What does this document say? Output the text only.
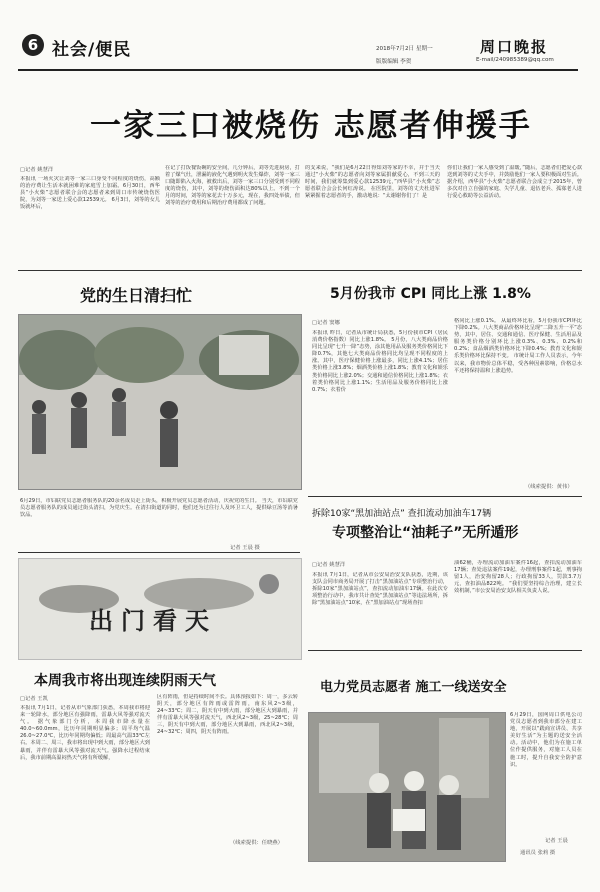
6 社会/便民	2018年7月2日 星期一	周口晚报
版版编辑 李贺	E-mail/240985389@qq.com
一家三口被烧伤 志愿者伸援手
□记者 姚慧洋
本报讯 一场火灾让刘等一家三口身受不同程度的烧伤，高额的治疗费让生活本就困难的家庭雪上加霜。6月30日，西华县“小火柴”志愿者联合会的志愿者来到周口市传统烧伤医院，为刘等一家送上爱心款12539元。 6月3日，刘等的女儿饭就坏后，
在记了打饭餐饭碗的安全间，几分钟后，刘等先进厨房，打着了煤气灶，泄漏的液化气遇到明火发生爆炸，刘等一家三口随即陷入火海，被救出后，刘等一家三口分别受到不同程度的烧伤，其中，刘等的烧伤面积达80%以上。不到一个月的时间，刘等的家花去十万多元，现在，我四处举债，但刘等的治疗费用和后期治疗费用都成了问题。
的支来说，“我们是6月22日得知刘等家的不幸，并于当天通过“小火柴”的志愿者向刘等家属捐献爱心，不到三天的时间，我们就筹集到爱心款12539元，”西华县“小火柴”志愿者联合会会长何红涛说。 在医院里，刘等的丈夫杜进军紧紧握着志愿者的手，激动地说：“太谢谢你们了！是
你们让我们一家人感受到了温暖，”随后，志愿者们把爱心款送到刘等的丈夫手中，并鼓励他们一家人要积极面对生活。 据介绍，西华县“小火柴”志愿者联合会成立于2015年，曾多次对自立自强的家庭、失学儿童、退伍老兵、孤寡老人进行爱心救助等公益活动。
党的生日清扫忙
6月29日，市妇联党员志愿者服务队的20余名成员走上街头，积极开展党员志愿者活动，庆祝党的生日。 当天，市妇联党员志愿者服务队的成员通过街头清扫，为党庆生。在清扫街道的同时，他们还为过往行人及环卫工人，提供绿豆汤等消暑饮品。
记者 王晨 摄
5月份我市 CPI 同比上涨 1.8%
□记者 窦娜
本报讯 昨日，记者从市统计局获悉，5月份我市CPI（居民消费价格指数）同比上涨1.8%。 5月份，八大类商品价格同比呈现“七升一降”态势，涂其他用品及服务类价格同比下降0.7%，其他七大类商品价格同比均呈现不同程度的上涨。其中，医疗保健价格上涨最多，同比上涨4.1%；居住类价格上涨3.8%；烟酒类价格上涨1.8%；教育文化和娱乐类价格同比上涨2.0%；交通和通信价格同比上涨1.8%；衣着类价格同比上涨1.1%；生活用品及服务价格同比上涨0.7%；衣着价
格同比上涨0.1%。 从最终环比看，5月份我市CPI环比下降0.2%。八大类商品价格环比呈现“二降五升一平”态势，其中，居住、交通和通信、医疗保健、生活用品及服务类价格分别环比上涨0.3%、0.3%、0.2%和0.2%；食品烟酒类价格环比下降0.4%；教育文化和娱乐类价格环比保持不变。 市统计局工作人员表示，今年以来，我市物价总体平稳，受各种因素影响，价格总水平还将保持温和上涨趋势。
（线索提供：黄伟）
拆除10家“黑加油站点” 查扣流动加油车17辆
专项整治让“油耗子”无所遁形
□记者 姚慧洋
本报讯 7月1日，记者从市公安局治安支队获悉，近期，该支队会同市商务局开展了打击“黑加油站点”专项整治行动，拆除10家“黑加油站点”，查扣流动加油车17辆。在此次专项整治行动中，我市共计查处“黑加油站点”等违法场所，拆除“黑加油站点”10家，在“黑加油站点”现场查扣
油62桶，办理流动加油车案件16起，查扣流动加油车17辆；查处违法案件19起，办理刑事案件1起，刑事拘留1人，治安拘留28人；行政拘留33人，罚款3.7万元，查扣油品822吨。 “我们要坚持综合治理，建立长效机制，”市公安局治安支队相关负责人说。
出门看天
本周我市将出现连续阴雨天气
□记者 王凯
本报讯 7月1日，记者从市气象部门获悉，本周我市将迎来一轮降水，部分地区有强降雨，雷暴大风等强对流天气。 据气象部门分析，本周我市降水量在40.0~60.0mm，比历年同期明显偏多；周平均气温26.0~27.0℃，比历年同期均偏低；周最高气温33℃左右。本周二、周三，我市将出现中到大雨，部分地区大到暴雨，并伴有雷暴大风等强对流天气。强降水过程结束后，我市前期高温闷热天气将有所缓解，
区有阵雨，但是持续时间不长。具体预报如下：周一，多云转阴天，部分地区有阵雨或雷阵雨，南东风2~3级，24~33℃；周二，阴天有中到大雨，部分地区大到暴雨，并伴有雷暴大风等强对流天气，西北风2~3级，25~28℃；周三，阴天有中到大雨，部分地区大到暴雨，西北风2~3级，24~32℃；周四，阴天有阵雨。
（线索提供：任晓燕）
电力党员志愿者 施工一线送安全
6月29日，国网周口供电公司党员志愿者到我市部分在建工地，开展以“践商宣讲员、共享美好生活”为主题的送安全活动。活动中，他们为在施工单位作提供服务，对施工人员在施工时，提升自我安全防护意识。
记者 王晨
通讯员 张莉 摄
